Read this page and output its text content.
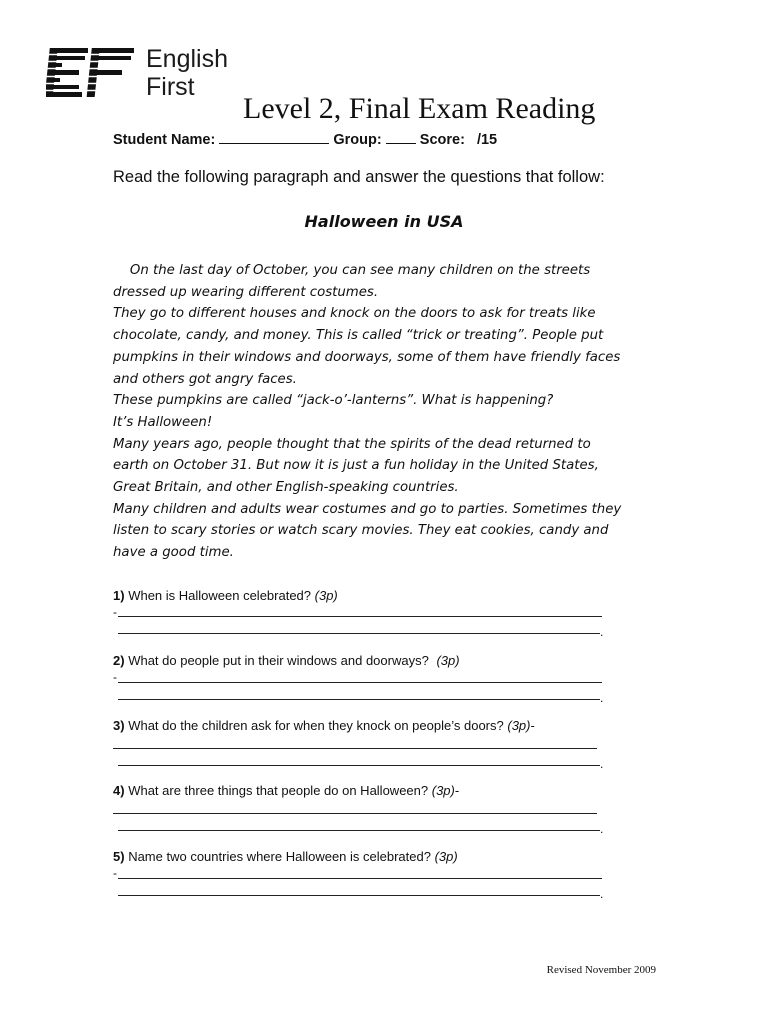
EF	English
First
Level 2, Final Exam Reading
Student Name:	Group:	Score: /15
Read the following paragraph and answer the questions that follow:
Halloween in USA
On the last day of October, you can see many children on the streets
dressed up wearing different costumes.
They go to different houses and knock on the doors to ask for treats like
chocolate, candy, and money. This is called “trick or treating”. People put
pumpkins in their windows and doorways, some of them have friendly faces
and others got angry faces.
These pumpkins are called “jack-o’-lanterns”. What is happening?
It’s Halloween!
Many years ago, people thought that the spirits of the dead returned to
earth on October 31. But now it is just a fun holiday in the United States,
Great Britain, and other English-speaking countries.
Many children and adults wear costumes and go to parties. Sometimes they
listen to scary stories or watch scary movies. They eat cookies, candy and
have a good time.
1) When is Halloween celebrated? (3p)
-
.
2) What do people put in their windows and doorways? (3p)
-
.
3) What do the children ask for when they knock on people’s doors? (3p)-
.
4) What are three things that people do on Halloween? (3p)-
.
5) Name two countries where Halloween is celebrated? (3p)
-
.
Revised November 2009
